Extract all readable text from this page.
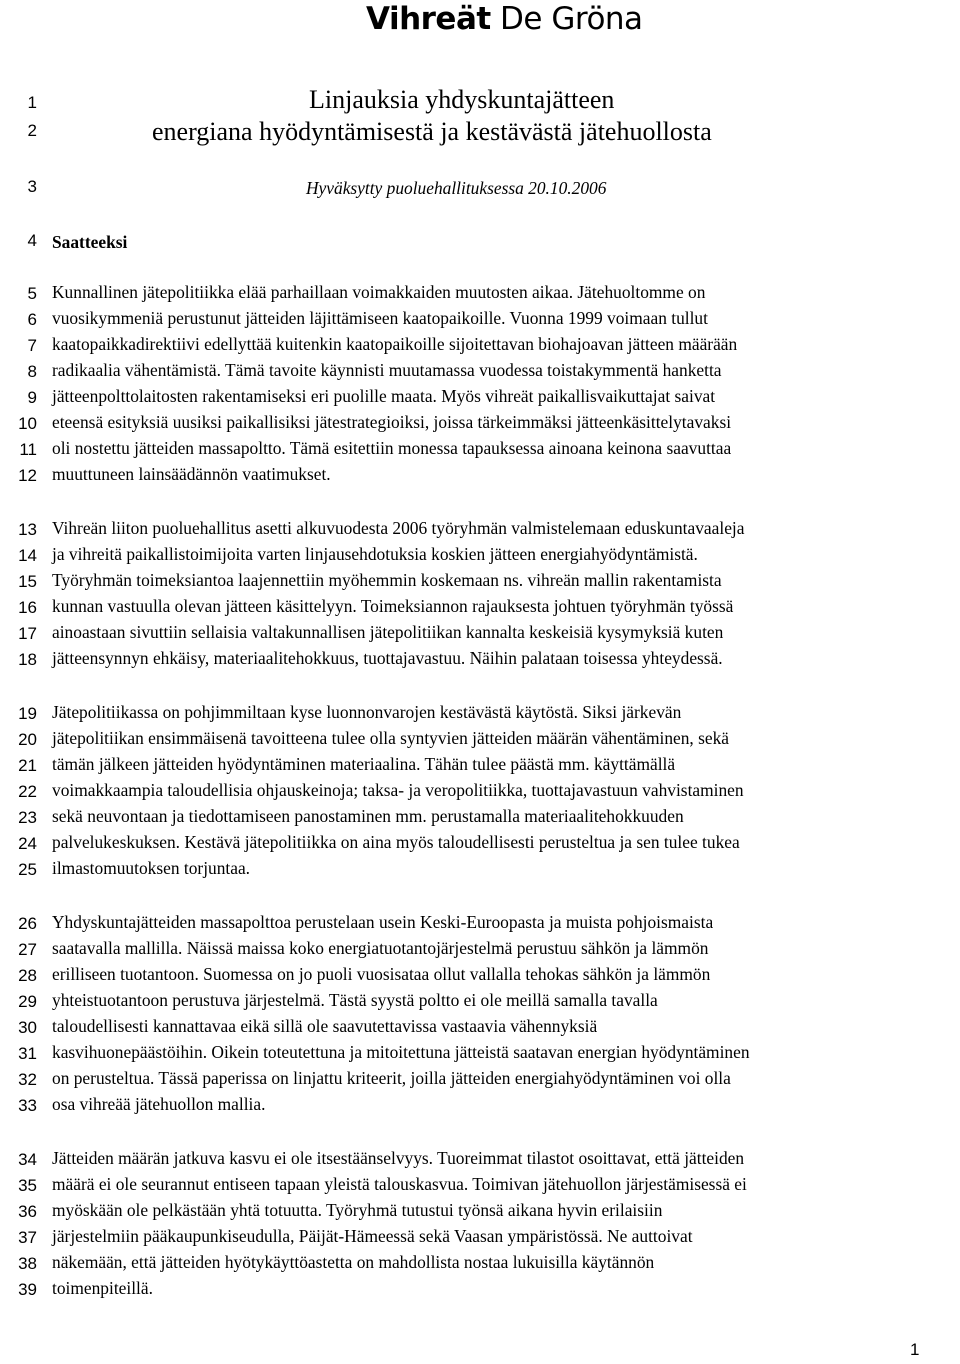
Vihreät De Gröna
1
2
3
4
5
6
7
8
9
10
11
12
13
14
15
16
17
18
19
20
21
22
23
24
25
26
27
28
29
30
31
32
33
34
35
36
37
38
39
Linjauksia yhdyskuntajätteen
energiana hyödyntämisestä ja kestävästä jätehuollosta
Hyväksytty puoluehallituksessa 20.10.2006
Saatteeksi
Kunnallinen jätepolitiikka elää parhaillaan voimakkaiden muutosten aikaa. Jätehuoltomme on
vuosikymmeniä perustunut jätteiden läjittämiseen kaatopaikoille. Vuonna 1999 voimaan tullut
kaatopaikkadirektiivi edellyttää kuitenkin kaatopaikoille sijoitettavan biohajoavan jätteen määrään
radikaalia vähentämistä. Tämä tavoite käynnisti muutamassa vuodessa toistakymmentä hanketta
jätteenpolttolaitosten rakentamiseksi eri puolille maata. Myös vihreät paikallisvaikuttajat saivat
eteensä esityksiä uusiksi paikallisiksi jätestrategioiksi, joissa tärkeimmäksi jätteenkäsittelytavaksi
oli nostettu jätteiden massapoltto. Tämä esitettiin monessa tapauksessa ainoana keinona saavuttaa
muuttuneen lainsäädännön vaatimukset.
Vihreän liiton puoluehallitus asetti alkuvuodesta 2006 työryhmän valmistelemaan eduskuntavaaleja
ja vihreitä paikallistoimijoita varten linjausehdotuksia koskien jätteen energiahyödyntämistä.
Työryhmän toimeksiantoa laajennettiin myöhemmin koskemaan ns. vihreän mallin rakentamista
kunnan vastuulla olevan jätteen käsittelyyn. Toimeksiannon rajauksesta johtuen työryhmän työssä
ainoastaan sivuttiin sellaisia valtakunnallisen jätepolitiikan kannalta keskeisiä kysymyksiä kuten
jätteensynnyn ehkäisy, materiaalitehokkuus, tuottajavastuu. Näihin palataan toisessa yhteydessä.
Jätepolitiikassa on pohjimmiltaan kyse luonnonvarojen kestävästä käytöstä. Siksi järkevän
jätepolitiikan ensimmäisenä tavoitteena tulee olla syntyvien jätteiden määrän vähentäminen, sekä
tämän jälkeen jätteiden hyödyntäminen materiaalina. Tähän tulee päästä mm. käyttämällä
voimakkaampia taloudellisia ohjauskeinoja; taksa- ja veropolitiikka, tuottajavastuun vahvistaminen
sekä neuvontaan ja tiedottamiseen panostaminen mm. perustamalla materiaalitehokkuuden
palvelukeskuksen. Kestävä jätepolitiikka on aina myös taloudellisesti perusteltua ja sen tulee tukea
ilmastomuutoksen torjuntaa.
Yhdyskuntajätteiden massapolttoa perustelaan usein Keski-Euroopasta ja muista pohjoismaista
saatavalla mallilla. Näissä maissa koko energiatuotantojärjestelmä perustuu sähkön ja lämmön
erilliseen tuotantoon. Suomessa on jo puoli vuosisataa ollut vallalla tehokas sähkön ja lämmön
yhteistuotantoon perustuva järjestelmä. Tästä syystä poltto ei ole meillä samalla tavalla
taloudellisesti kannattavaa eikä sillä ole saavutettavissa vastaavia vähennyksiä
kasvihuonepäästöihin. Oikein toteutettuna ja mitoitettuna jätteistä saatavan energian hyödyntäminen
on perusteltua. Tässä paperissa on linjattu kriteerit, joilla jätteiden energiahyödyntäminen voi olla
osa vihreää jätehuollon mallia.
Jätteiden määrän jatkuva kasvu ei ole itsestäänselvyys. Tuoreimmat tilastot osoittavat, että jätteiden
määrä ei ole seurannut entiseen tapaan yleistä talouskasvua. Toimivan jätehuollon järjestämisessä ei
myöskään ole pelkästään yhtä totuutta. Työryhmä tutustui työnsä aikana hyvin erilaisiin
järjestelmiin pääkaupunkiseudulla, Päijät-Hämeessä sekä Vaasan ympäristössä. Ne auttoivat
näkemään, että jätteiden hyötykäyttöastetta on mahdollista nostaa lukuisilla käytännön
toimenpiteillä.
1
